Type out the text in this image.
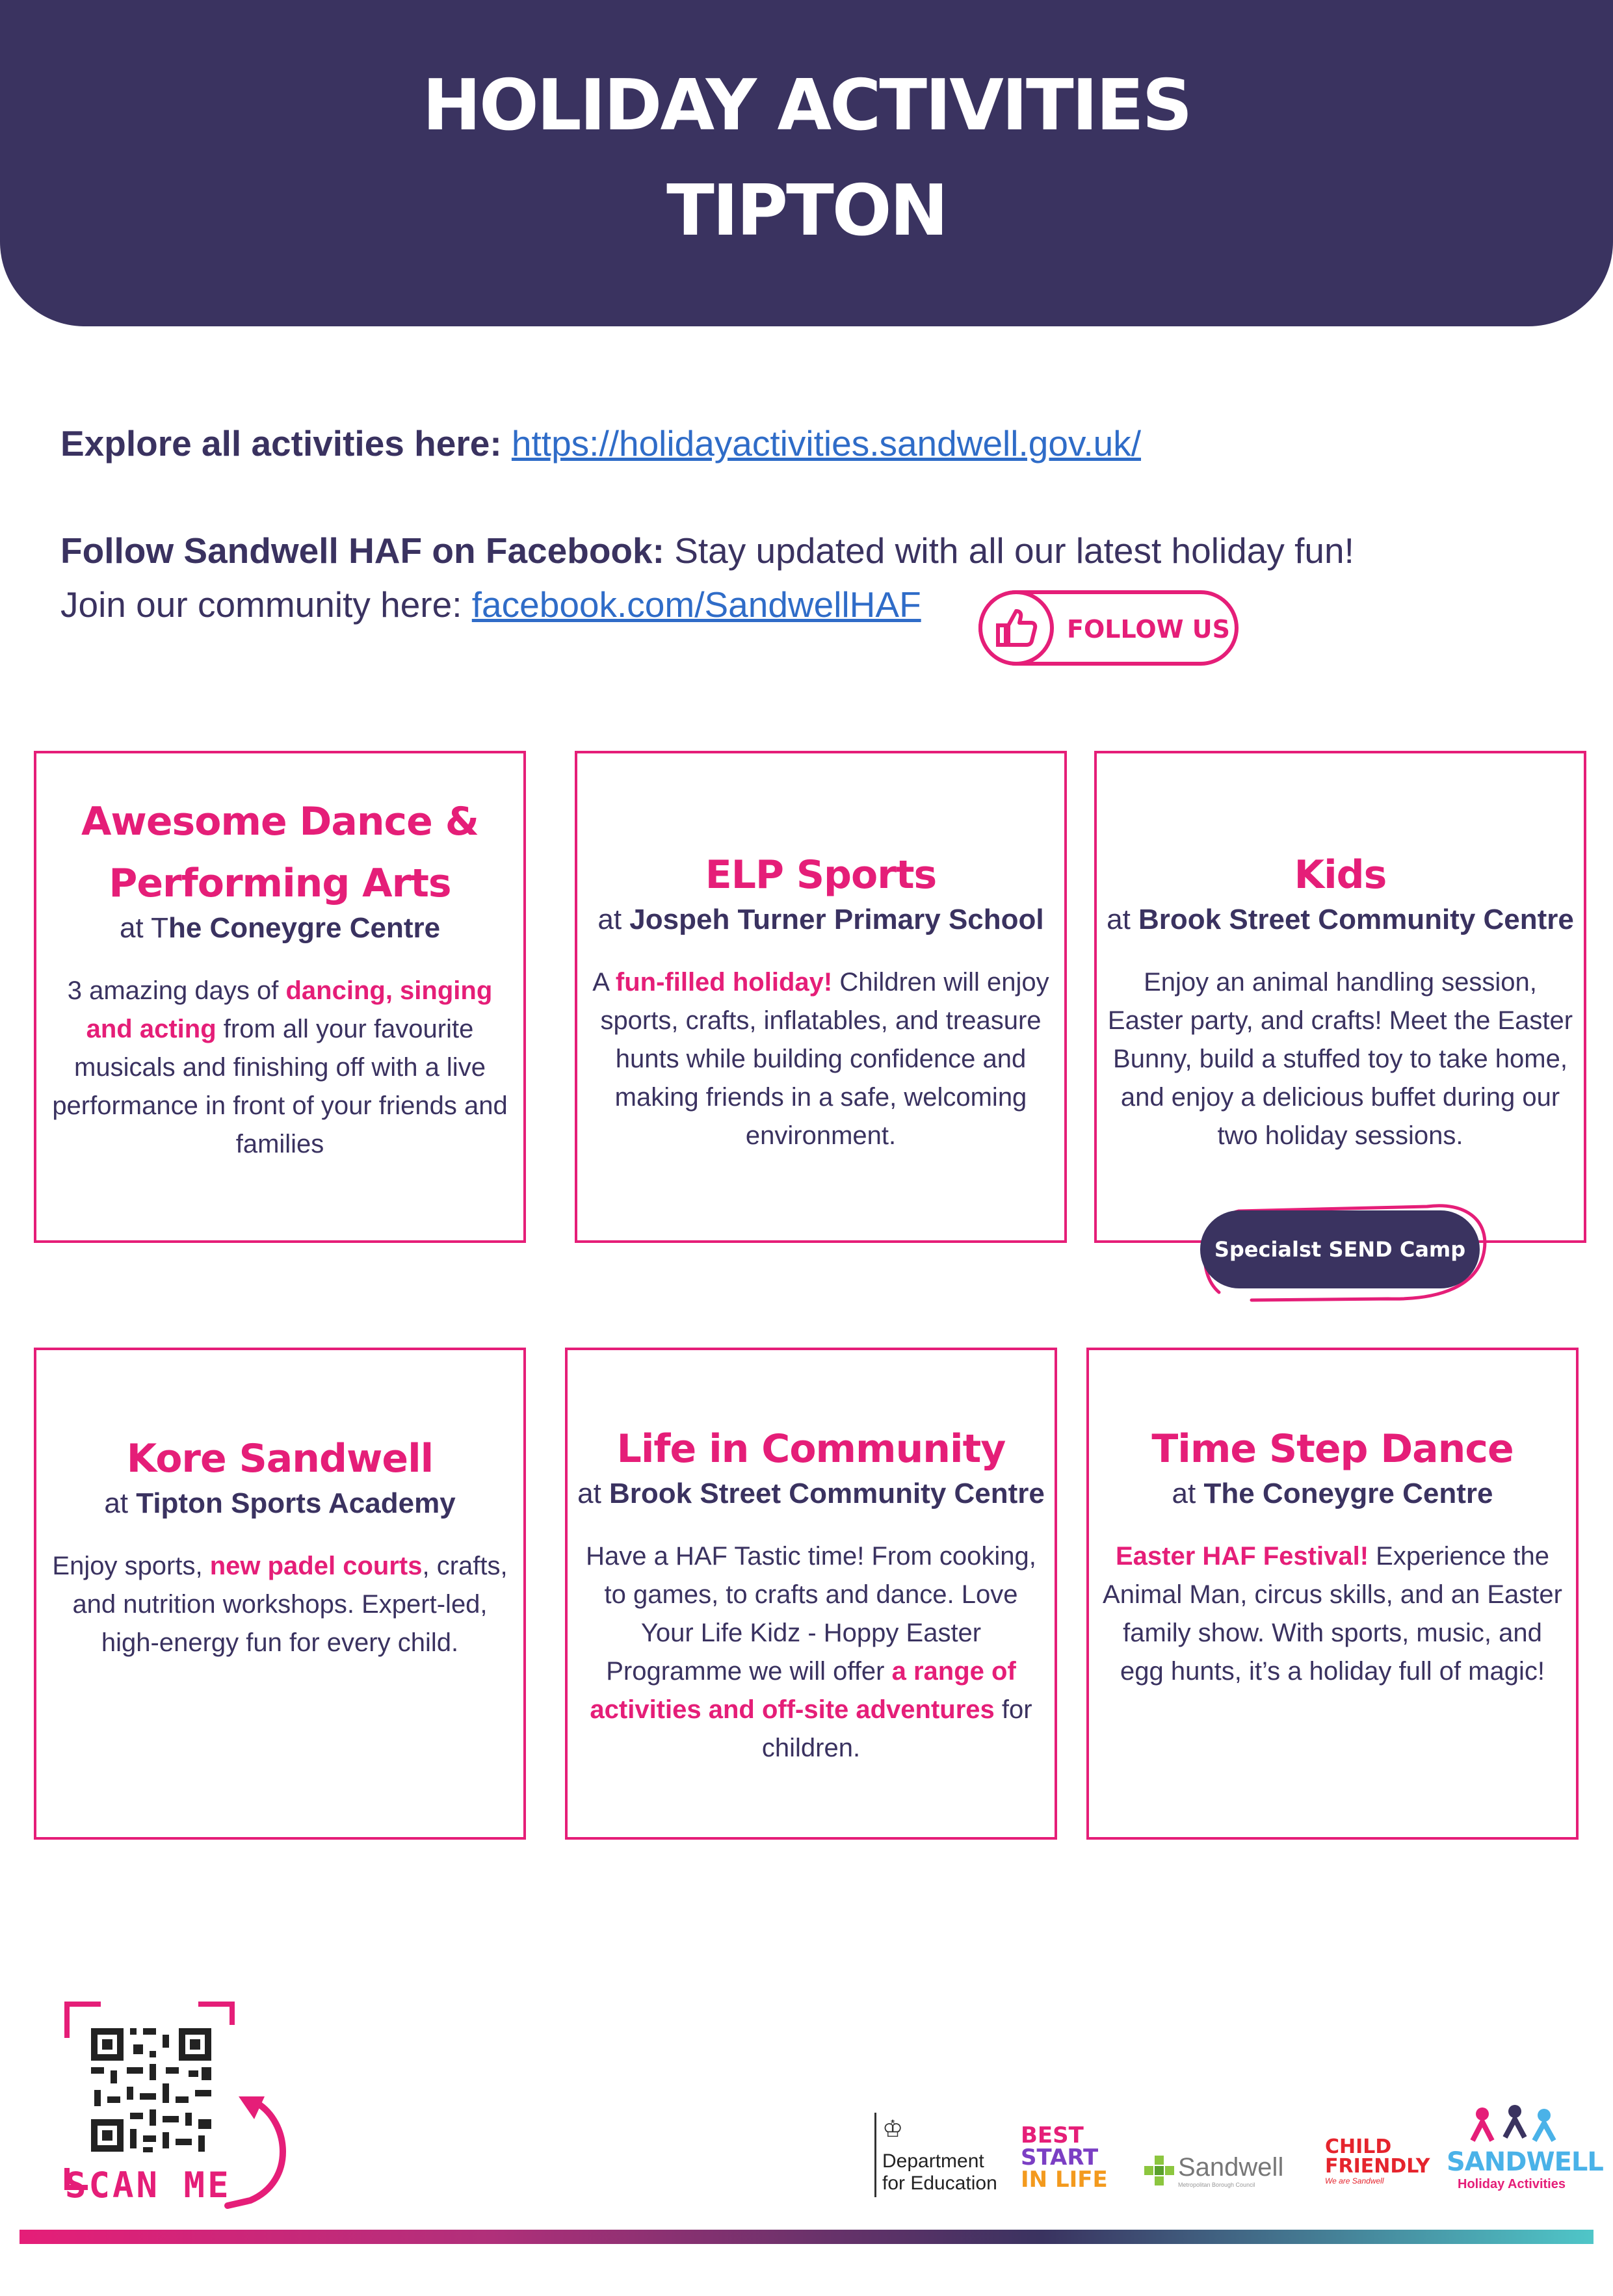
HOLIDAY ACTIVITIES
TIPTON
Explore all activities here: https://holidayactivities.sandwell.gov.uk/
Follow Sandwell HAF on Facebook: Stay updated with all our latest holiday fun!
Join our community here: facebook.com/SandwellHAF
FOLLOW US
Awesome Dance &
Performing Arts
at The Coneygre Centre
3 amazing days of dancing, singing and acting from all your favourite musicals and finishing off with a live performance in front of your friends and families
ELP Sports
at Jospeh Turner Primary School
A fun-filled holiday! Children will enjoy sports, crafts, inflatables, and treasure hunts while building confidence and making friends in a safe, welcoming environment.
Kids
at Brook Street Community Centre
Enjoy an animal handling session, Easter party, and crafts! Meet the Easter Bunny, build a stuffed toy to take home, and enjoy a delicious buffet during our two holiday sessions.
Specialst SEND Camp
Kore Sandwell
at Tipton Sports Academy
Enjoy sports, new padel courts, crafts, and nutrition workshops. Expert-led, high-energy fun for every child.
Life in Community
at Brook Street Community Centre
Have a HAF Tastic time! From cooking, to games, to crafts and dance. Love Your Life Kidz - Hoppy Easter Programme we will offer a range of activities and off-site adventures for children.
Time Step Dance
at The Coneygre Centre
Easter HAF Festival! Experience the Animal Man, circus skills, and an Easter family show. With sports, music, and egg hunts, it’s a holiday full of magic!
SCAN ME
♔
Department
for Education
BEST
START
IN LIFE	Sandwell
Metropolitan Borough Council
CHILD
FRIENDLY
We are Sandwell
SANDWELL
Holiday Activities
